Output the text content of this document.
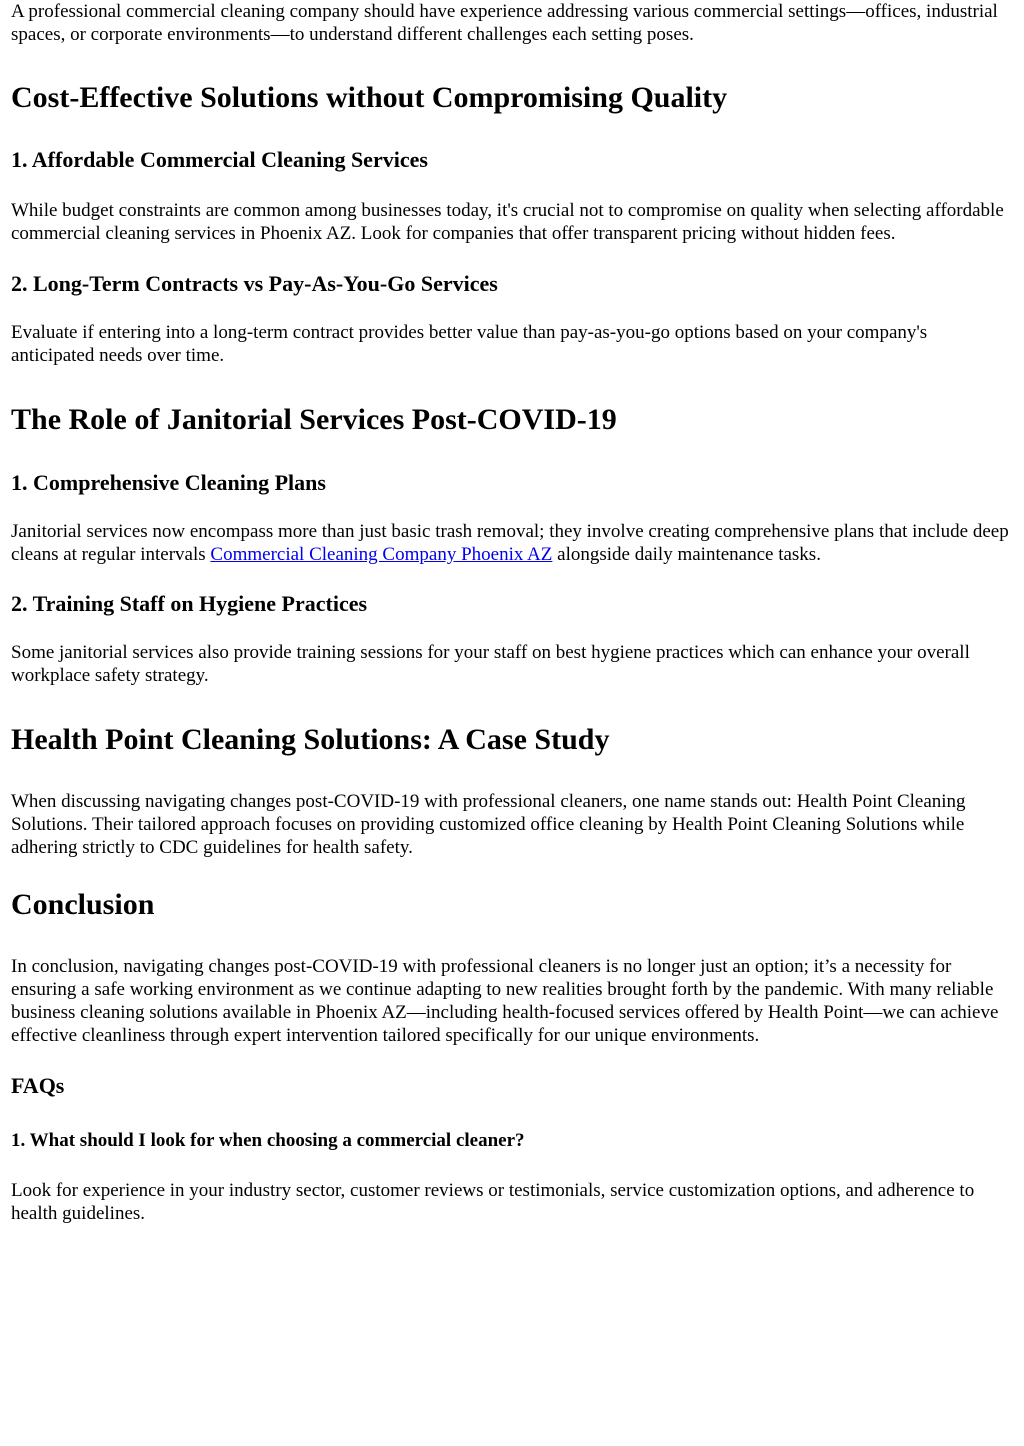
A professional commercial cleaning company should have experience addressing various commercial settings—offices, industrial spaces, or corporate environments—to understand different challenges each setting poses.

Cost-Effective Solutions without Compromising Quality
1. Affordable Commercial Cleaning Services

While budget constraints are common among businesses today, it's crucial not to compromise on quality when selecting affordable commercial cleaning services in Phoenix AZ. Look for companies that offer transparent pricing without hidden fees.

2. Long-Term Contracts vs Pay-As-You-Go Services

Evaluate if entering into a long-term contract provides better value than pay-as-you-go options based on your company's anticipated needs over time.

The Role of Janitorial Services Post-COVID-19
1. Comprehensive Cleaning Plans

Janitorial services now encompass more than just basic trash removal; they involve creating comprehensive plans that include deep cleans at regular intervals Commercial Cleaning Company Phoenix AZ alongside daily maintenance tasks.

2. Training Staff on Hygiene Practices

Some janitorial services also provide training sessions for your staff on best hygiene practices which can enhance your overall workplace safety strategy.

Health Point Cleaning Solutions: A Case Study

When discussing navigating changes post-COVID-19 with professional cleaners, one name stands out: Health Point Cleaning Solutions. Their tailored approach focuses on providing customized office cleaning by Health Point Cleaning Solutions while adhering strictly to CDC guidelines for health safety.

Conclusion

In conclusion, navigating changes post-COVID-19 with professional cleaners is no longer just an option; it’s a necessity for ensuring a safe working environment as we continue adapting to new realities brought forth by the pandemic. With many reliable business cleaning solutions available in Phoenix AZ—including health-focused services offered by Health Point—we can achieve effective cleanliness through expert intervention tailored specifically for our unique environments.

FAQs
1. What should I look for when choosing a commercial cleaner?

Look for experience in your industry sector, customer reviews or testimonials, service customization options, and adherence to health guidelines.
